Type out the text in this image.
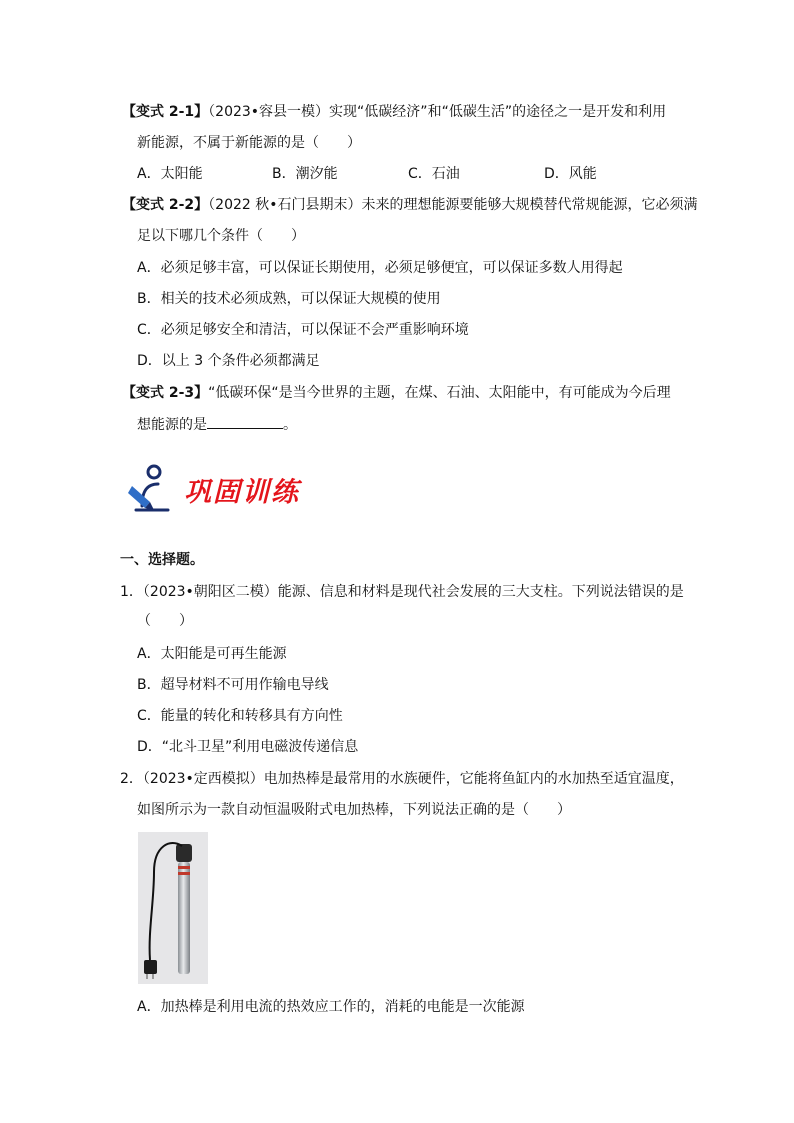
【变式 2-1】（2023•容县一模）实现“低碳经济”和“低碳生活”的途径之一是开发和利用
新能源，不属于新能源的是（　　）
A．太阳能	B．潮汐能	C．石油	D．风能
【变式 2-2】（2022 秋•石门县期末）未来的理想能源要能够大规模替代常规能源，它必须满
足以下哪几个条件（　　）
A．必须足够丰富，可以保证长期使用，必须足够便宜，可以保证多数人用得起
B．相关的技术必须成熟，可以保证大规模的使用
C．必须足够安全和清洁，可以保证不会严重影响环境
D．以上 3 个条件必须都满足
【变式 2-3】“低碳环保“是当今世界的主题，在煤、石油、太阳能中，有可能成为今后理
想能源的是	。
巩固训练
一、选择题。
1．（2023•朝阳区二模）能源、信息和材料是现代社会发展的三大支柱。下列说法错误的是
（　　）
A．太阳能是可再生能源
B．超导材料不可用作输电导线
C．能量的转化和转移具有方向性
D．“北斗卫星”利用电磁波传递信息
2．（2023•定西模拟）电加热棒是最常用的水族硬件，它能将鱼缸内的水加热至适宜温度，
如图所示为一款自动恒温吸附式电加热棒，下列说法正确的是（　　）
A．加热棒是利用电流的热效应工作的，消耗的电能是一次能源
